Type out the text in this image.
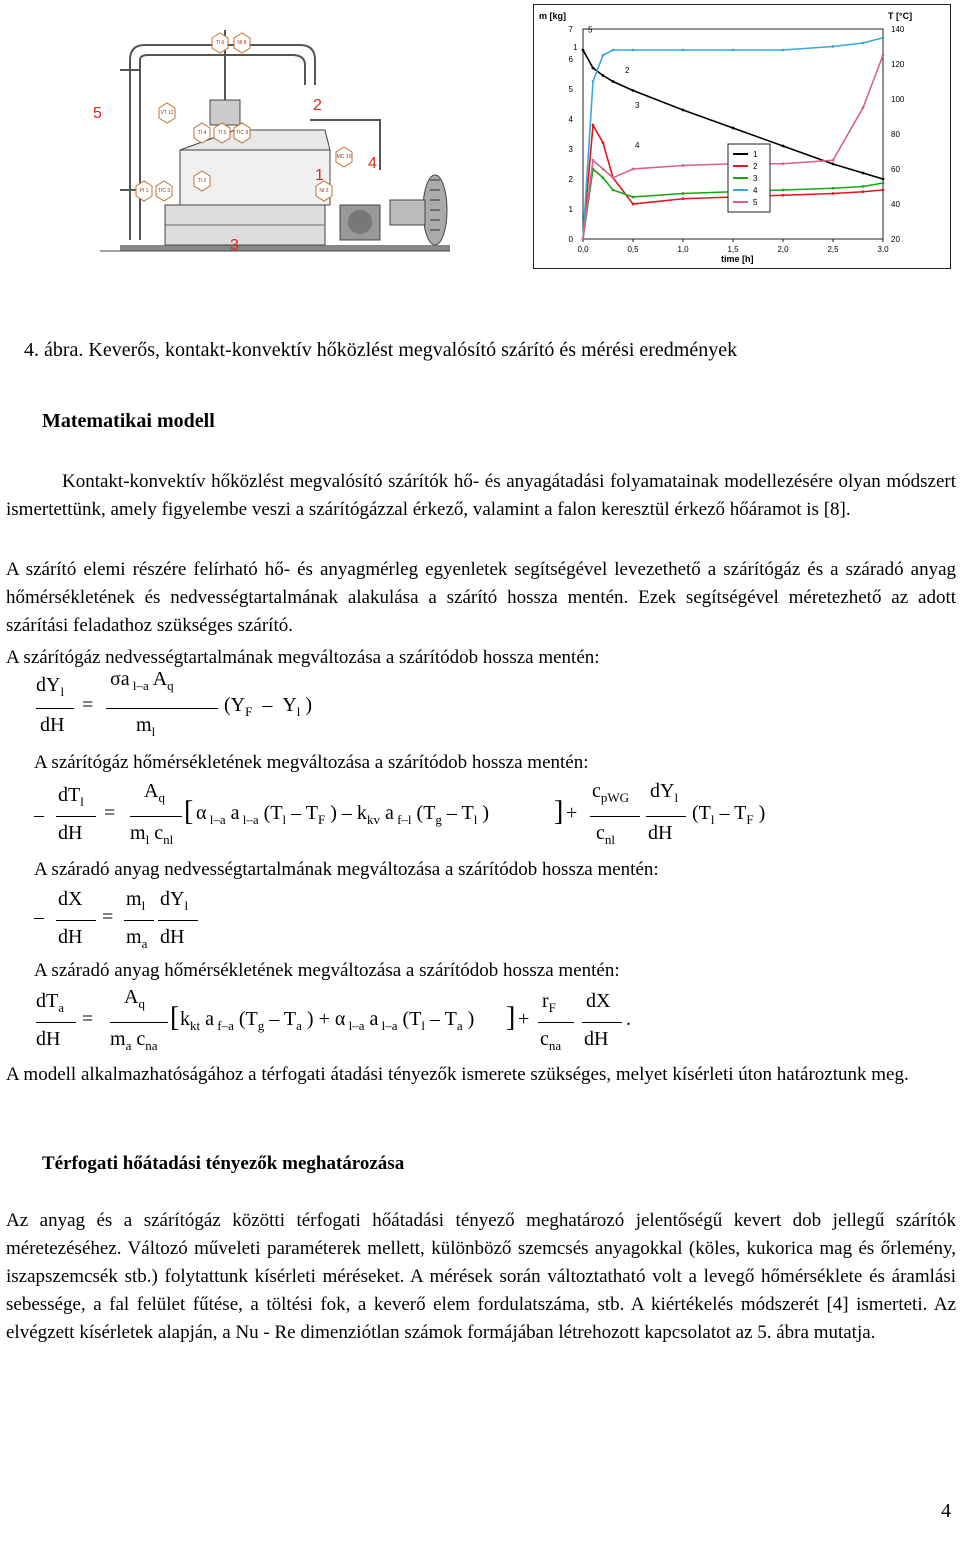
5	2
1
4
3
TI 6	NI 8
VT 11
TI 4 TI 5 TIC 9
MC 10
PI 1 TIC 3
TI 2
NI 3
m [kg]	T [°C]
time [h]
0
1
2
3
4
5
6
7
20
40
60
80
100
120
140
0,0	0,5	1,0	1,5	2,0	2,5	3,0
1
2
3
4
5
1
2
3
4
5
4. ábra. Keverős, kontakt-konvektív hőközlést megvalósító szárító és mérési eredmények
Matematikai modell
Kontakt-konvektív hőközlést megvalósító szárítók hő- és anyagátadási folyamatainak modellezésére olyan módszert ismertettünk, amely figyelembe veszi a szárítógázzal érkező, valamint a falon keresztül érkező hőáramot is [8].
A szárító elemi részére felírható hő- és anyagmérleg egyenletek segítségével levezethető a szárítógáz és a száradó anyag hőmérsékletének és nedvességtartalmának alakulása a szárító hossza mentén. Ezek segítségével méretezhető az adott szárítási feladathoz szükséges szárító.
A szárítógáz nedvességtartalmának megváltozása a szárítódob hossza mentén:
$dY_l$
dH
=
σa $_{l-a}$ $A_q$
$m_l$
($Y_F - Y_l$ )
A szárítógáz hőmérsékletének megváltozása a szárítódob hossza mentén:
–
$dT_l$
dH
=
$A_q$
$m_l$ $c_{nl}$
[ α $_{l-a}$ a $_{l-a}$ ($T_l - T_F$ ) – $k_{kv}$ a $_{f-l}$ ($T_g - T_l$ ) ] +
$c_{pWG}$
$c_{nl}$
$dY_l$
dH
($T_l - T_F$ )
A száradó anyag nedvességtartalmának megváltozása a szárítódob hossza mentén:
–
dX
dH
=
$m_l$
$m_a$
$dY_l$
dH
A száradó anyag hőmérsékletének megváltozása a szárítódob hossza mentén:
$dT_a$
dH
=
$A_q$
$m_a$ $c_{na}$
[ $k_{kt}$ a $_{f-a}$ ($T_g - T_a$ ) + α $_{l-a}$ a $_{l-a}$ ($T_l - T_a$ ) ] +
$r_F$
$c_{na}$
dX
dH
.
A modell alkalmazhatóságához a térfogati átadási tényezők ismerete szükséges, melyet kísérleti úton határoztunk meg.
Térfogati hőátadási tényezők meghatározása
Az anyag és a szárítógáz közötti térfogati hőátadási tényező meghatározó jelentőségű kevert dob jellegű szárítók méretezéséhez. Változó műveleti paraméterek mellett, különböző szemcsés anyagokkal (köles, kukorica mag és őrlemény, iszapszemcsék stb.) folytattunk kísérleti méréseket. A mérések során változtatható volt a levegő hőmérséklete és áramlási sebessége, a fal felület fűtése, a töltési fok, a keverő elem fordulatszáma, stb. A kiértékelés módszerét [4] ismerteti. Az elvégzett kísérletek alapján, a Nu - Re dimenziótlan számok formájában létrehozott kapcsolatot az 5. ábra mutatja.
4
